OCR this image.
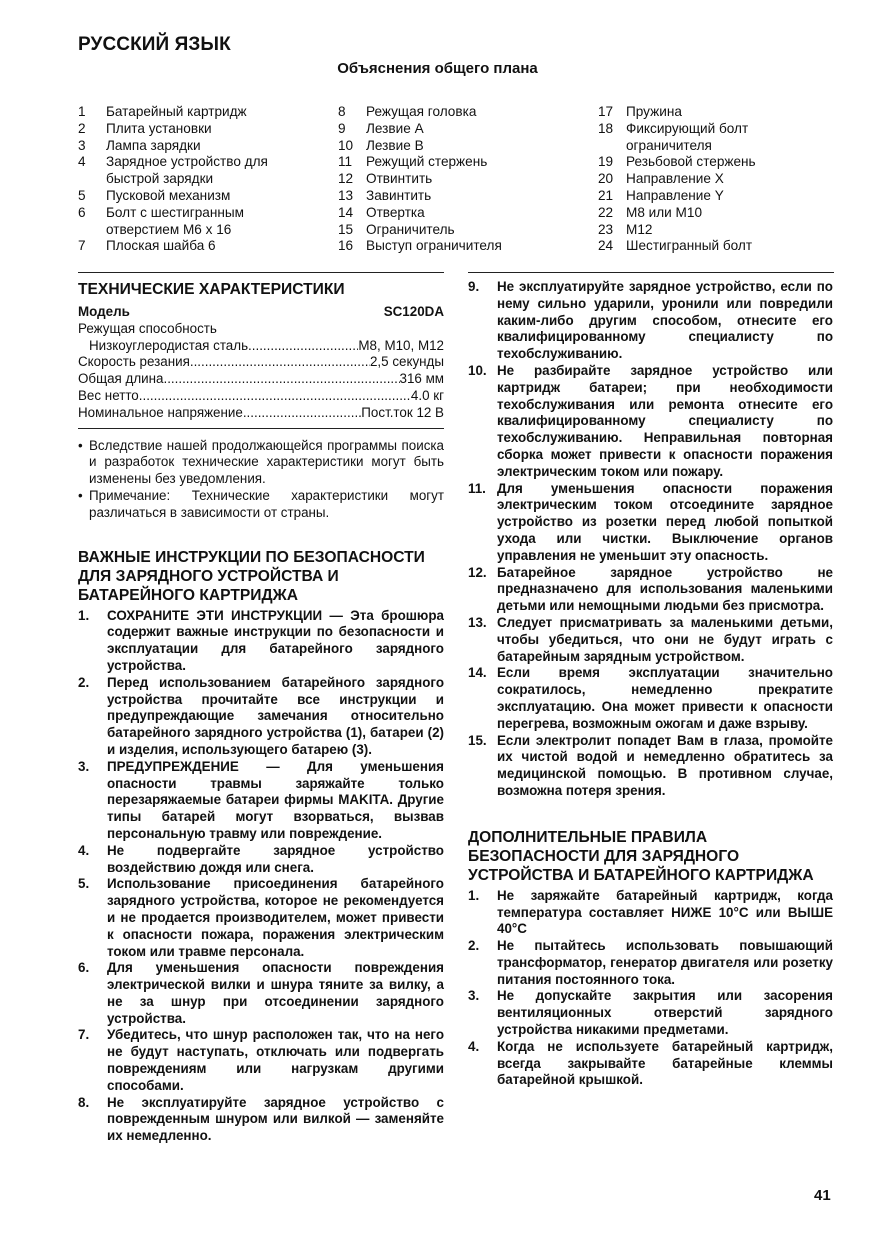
РУССКИЙ ЯЗЫК
Объяснения общего плана
1	Батарейный картридж
2	Плита установки
3	Лампа зарядки
4	Зарядное устройство для быстрой зарядки
5	Пусковой механизм
6	Болт с шестигранным отверстием М6 x 16
7	Плоская шайба 6
8	Режущая головка
9	Лезвие А
10 Лезвие В
11	Режущий стержень
12 Отвинтить
13 Завинтить
14 Отвертка
15 Ограничитель
16 Выступ ограничителя
17 Пружина
18 Фиксирующий болт ограничителя
19 Резьбовой стержень
20 Направление X
21 Направление Y
22 М8 или М10
23 М12
24 Шестигранный болт
ТЕХНИЧЕСКИЕ ХАРАКТЕРИСТИКИ
Модель	SC120DA
Режущая способность
Низкоуглеродистая сталь .....	М8, М10, М12
Скорость резания .....	2,5 секунды
Общая длина .....	316 мм
Вес нетто .....	4.0 кг
Номинальное напряжение .....	Пост.ток 12 В
• Вследствие нашей продолжающейся программы поиска и разработок технические характеристики могут быть изменены без уведомления.
• Примечание: Технические характеристики могут различаться в зависимости от страны.
ВАЖНЫЕ ИНСТРУКЦИИ ПО БЕЗОПАСНОСТИ ДЛЯ ЗАРЯДНОГО УСТРОЙСТВА И БАТАРЕЙНОГО КАРТРИДЖА
1.	СОХРАНИТЕ ЭТИ ИНСТРУКЦИИ — Эта брошюра содержит важные инструкции по безопасности и эксплуатации для батарейного зарядного устройства.
2.	Перед использованием батарейного зарядного устройства прочитайте все инструкции и предупреждающие замечания относительно батарейного зарядного устройства (1), батареи (2) и изделия, использующего батарею (3).
3.	ПРЕДУПРЕЖДЕНИЕ — Для уменьшения опасности травмы заряжайте только перезаряжаемые батареи фирмы MAKITA. Другие типы батарей могут взорваться, вызвав персональную травму или повреждение.
4.	Не подвергайте зарядное устройство воздействию дождя или снега.
5.	Использование присоединения батарейного зарядного устройства, которое не рекомендуется и не продается производителем, может привести к опасности пожара, поражения электрическим током или травме персонала.
6.	Для уменьшения опасности повреждения электрической вилки и шнура тяните за вилку, а не за шнур при отсоединении зарядного устройства.
7.	Убедитесь, что шнур расположен так, что на него не будут наступать, отключать или подвергать повреждениям или нагрузкам другими способами.
8.	Не эксплуатируйте зарядное устройство с поврежденным шнуром или вилкой — заменяйте их немедленно.
9.	Не эксплуатируйте зарядное устройство, если по нему сильно ударили, уронили или повредили каким-либо другим способом, отнесите его квалифицированному специалисту по техобслуживанию.
10. Не разбирайте зарядное устройство или картридж батареи; при необходимости техобслуживания или ремонта отнесите его квалифицированному специалисту по техобслуживанию. Неправильная повторная сборка может привести к опасности поражения электрическим током или пожару.
11. Для уменьшения опасности поражения электрическим током отсоедините зарядное устройство из розетки перед любой попыткой ухода или чистки. Выключение органов управления не уменьшит эту опасность.
12. Батарейное зарядное устройство не предназначено для использования маленькими детьми или немощными людьми без присмотра.
13. Следует присматривать за маленькими детьми, чтобы убедиться, что они не будут играть с батарейным зарядным устройством.
14. Если время эксплуатации значительно сократилось, немедленно прекратите эксплуатацию. Она может привести к опасности перегрева, возможным ожогам и даже взрыву.
15. Если электролит попадет Вам в глаза, промойте их чистой водой и немедленно обратитесь за медицинской помощью. В противном случае, возможна потеря зрения.
ДОПОЛНИТЕЛЬНЫЕ ПРАВИЛА БЕЗОПАСНОСТИ ДЛЯ ЗАРЯДНОГО УСТРОЙСТВА И БАТАРЕЙНОГО КАРТРИДЖА
1.	Не заряжайте батарейный картридж, когда температура составляет НИЖЕ 10°C или ВЫШЕ 40°C
2.	Не пытайтесь использовать повышающий трансформатор, генератор двигателя или розетку питания постоянного тока.
3.	Не допускайте закрытия или засорения вентиляционных отверстий зарядного устройства никакими предметами.
4.	Когда не используете батарейный картридж, всегда закрывайте батарейные клеммы батарейной крышкой.
41
